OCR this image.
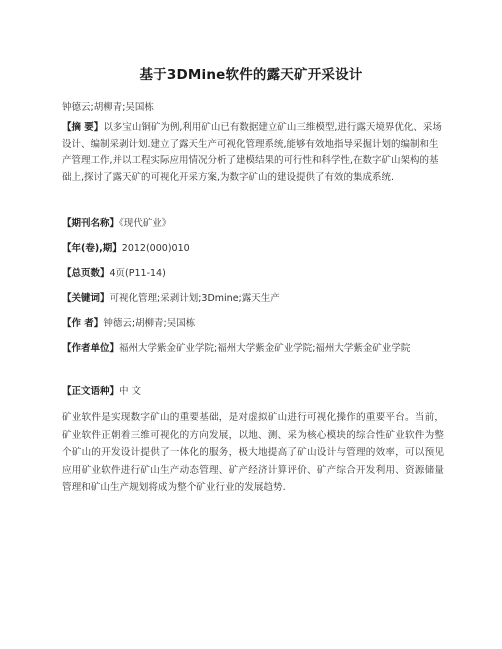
基于3DMine软件的露天矿开采设计
钟德云;胡柳青;吴国栋
【摘 要】以多宝山铜矿为例,利用矿山已有数据建立矿山三维模型,进行露天境界优化、采场设计、编制采剥计划.建立了露天生产可视化管理系统,能够有效地指导采掘计划的编制和生产管理工作,并以工程实际应用情况分析了建模结果的可行性和科学性,在数字矿山架构的基础上,探讨了露天矿的可视化开采方案,为数字矿山的建设提供了有效的集成系统.
【期刊名称】《现代矿业》
【年(卷),期】2012(000)010
【总页数】4页(P11-14)
【关键词】可视化管理;采剥计划;3Dmine;露天生产
【作 者】钟德云;胡柳青;吴国栋
【作者单位】福州大学紫金矿业学院;福州大学紫金矿业学院;福州大学紫金矿业学院
【正文语种】中 文
矿业软件是实现数字矿山的重要基础，是对虚拟矿山进行可视化操作的重要平台。当前，矿业软件正朝着三维可视化的方向发展，以地、测、采为核心模块的综合性矿业软件为整个矿山的开发设计提供了一体化的服务，极大地提高了矿山设计与管理的效率，可以预见应用矿业软件进行矿山生产动态管理、矿产经济计算评价、矿产综合开发利用、资源储量管理和矿山生产规划将成为整个矿业行业的发展趋势.
